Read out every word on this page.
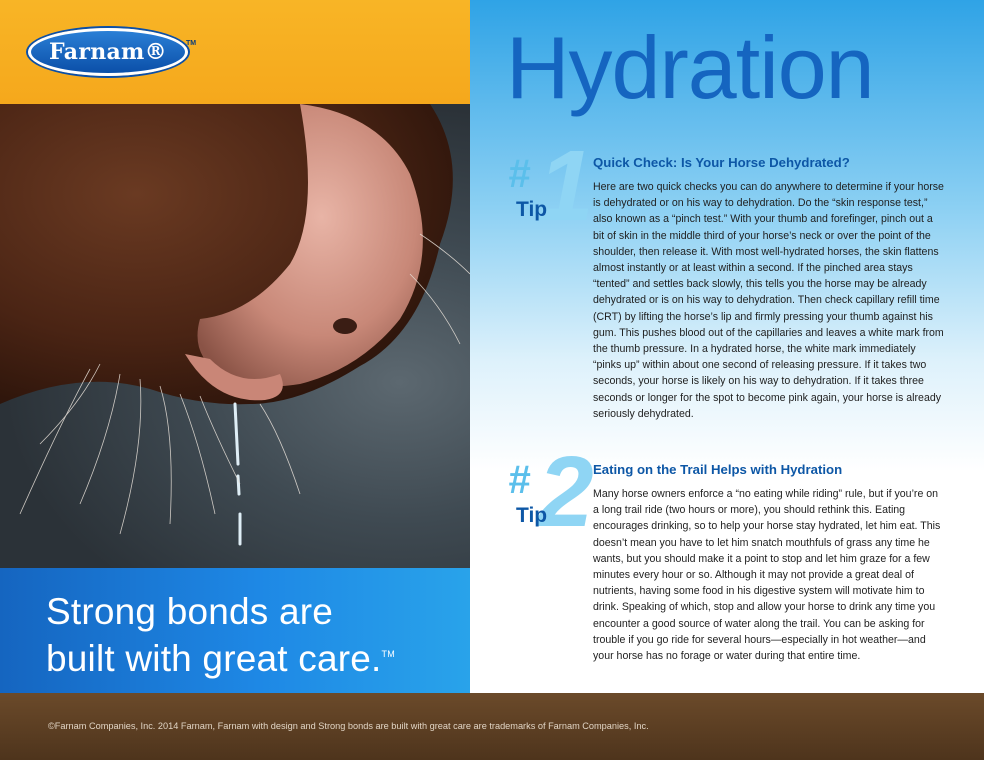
Farnam®	TM
Strong bonds are
built with great care.™
Hydration
# 1
Tip
Quick Check: Is Your Horse Dehydrated?
Here are two quick checks you can do anywhere to determine if your horse is dehydrated or on his way to dehydration. Do the “skin response test,” also known as a “pinch test.” With your thumb and forefinger, pinch out a bit of skin in the middle third of your horse’s neck or over the point of the shoulder, then release it. With most well-hydrated horses, the skin flattens almost instantly or at least within a second. If the pinched area stays “tented” and settles back slowly, this tells you the horse may be already dehydrated or is on his way to dehydration. Then check capillary refill time (CRT) by lifting the horse’s lip and firmly pressing your thumb against his gum. This pushes blood out of the capillaries and leaves a white mark from the thumb pressure. In a hydrated horse, the white mark immediately “pinks up” within about one second of releasing pressure. If it takes two seconds, your horse is likely on his way to dehydration. If it takes three seconds or longer for the spot to become pink again, your horse is already seriously dehydrated.
# 2
Tip
Eating on the Trail Helps with Hydration
Many horse owners enforce a “no eating while riding” rule, but if you’re on a long trail ride (two hours or more), you should rethink this. Eating encourages drinking, so to help your horse stay hydrated, let him eat. This doesn’t mean you have to let him snatch mouthfuls of grass any time he wants, but you should make it a point to stop and let him graze for a few minutes every hour or so. Although it may not provide a great deal of nutrients, having some food in his digestive system will motivate him to drink. Speaking of which, stop and allow your horse to drink any time you encounter a good source of water along the trail. You can be asking for trouble if you go ride for several hours—especially in hot weather—and your horse has no forage or water during that entire time.
©Farnam Companies, Inc. 2014 Farnam, Farnam with design and Strong bonds are built with great care are trademarks of Farnam Companies, Inc.
